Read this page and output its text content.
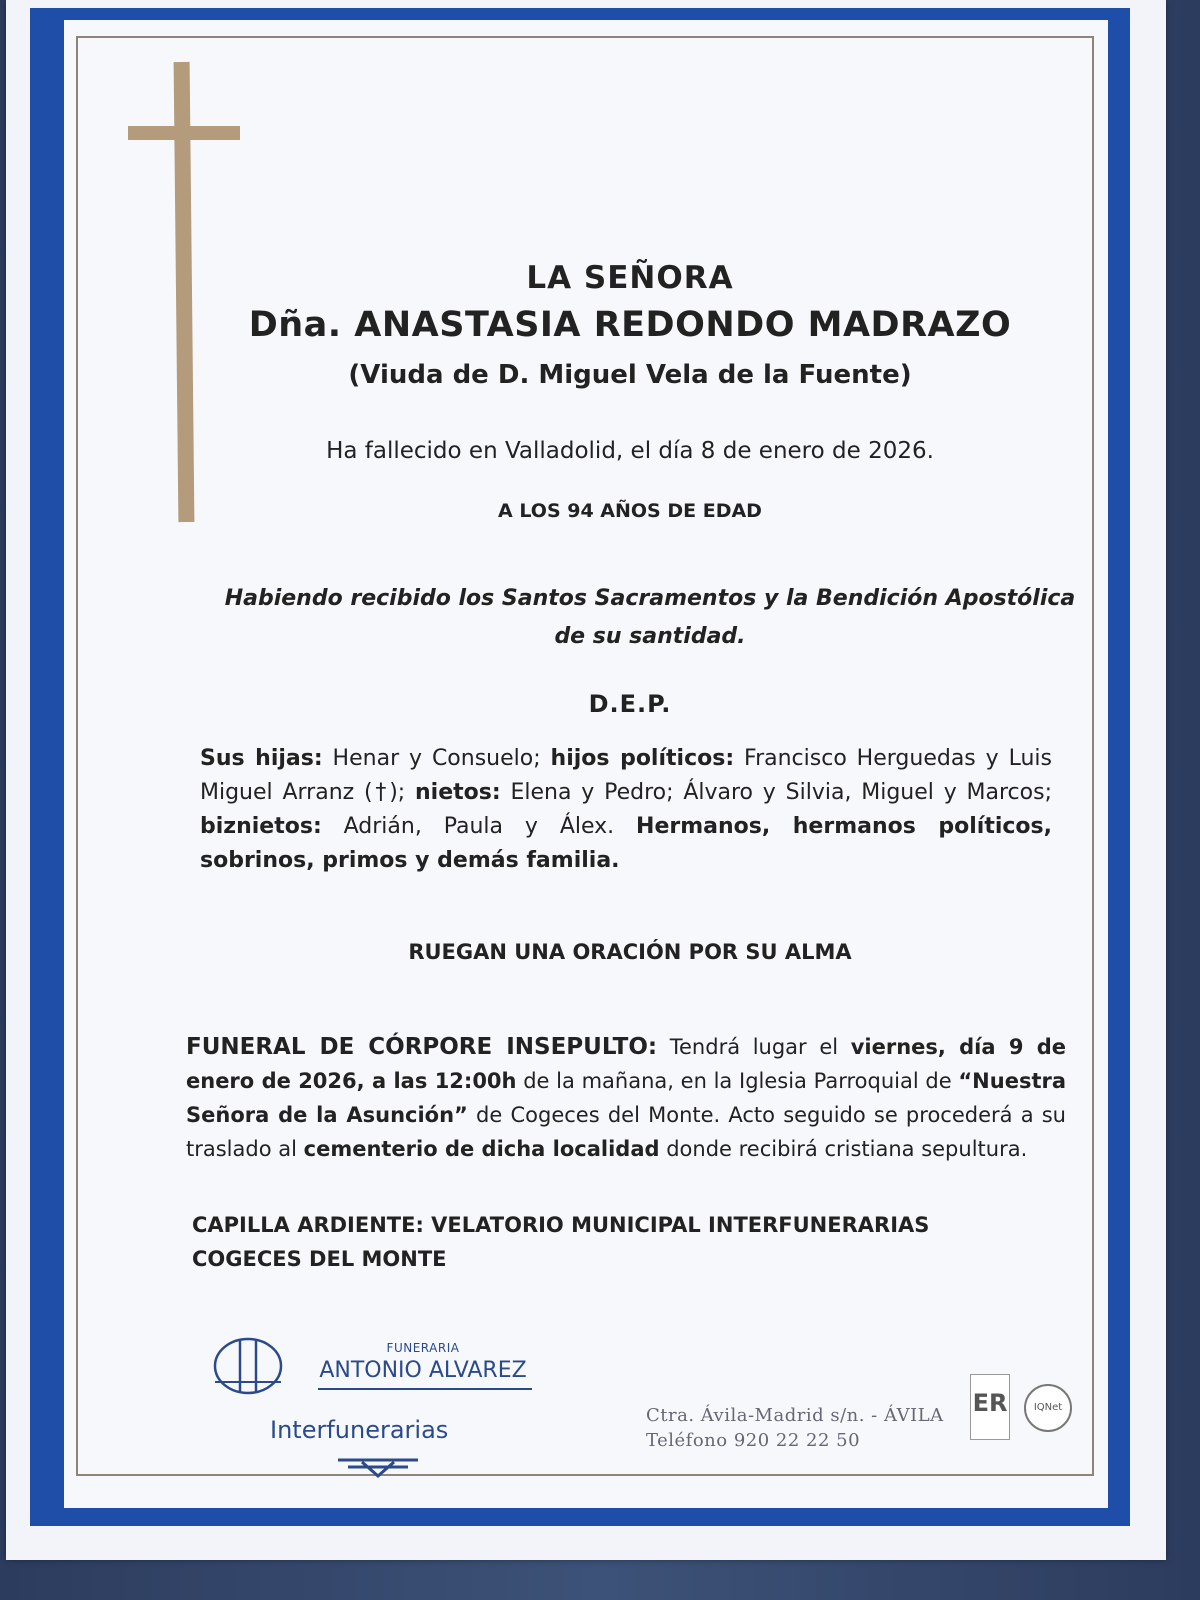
LA SEÑORA

Dña. ANASTASIA REDONDO MADRAZO

(Viuda de D. Miguel Vela de la Fuente)

Ha fallecido en Valladolid, el día 8 de enero de 2026.

A LOS 94 AÑOS DE EDAD

Habiendo recibido los Santos Sacramentos y la Bendición Apostólica
de su santidad.

D.E.P.

Sus hijas: Henar y Consuelo; hijos políticos: Francisco Herguedas y Luis Miguel Arranz (†); nietos: Elena y Pedro; Álvaro y Silvia, Miguel y Marcos; biznietos: Adrián, Paula y Álex. Hermanos, hermanos políticos, sobrinos, primos y demás familia.

RUEGAN UNA ORACIÓN POR SU ALMA

FUNERAL DE CÓRPORE INSEPULTO: Tendrá lugar el viernes, día 9 de enero de 2026, a las 12:00h de la mañana, en la Iglesia Parroquial de “Nuestra Señora de la Asunción” de Cogeces del Monte. Acto seguido se procederá a su traslado al cementerio de dicha localidad donde recibirá cristiana sepultura.

CAPILLA ARDIENTE: VELATORIO MUNICIPAL INTERFUNERARIAS
COGECES DEL MONTE

FUNERARIA
ANTONIO ALVAREZ
Interfunerarias
Ctra. Ávila-Madrid s/n. - ÁVILA
Teléfono 920 22 22 50
ER	IQNet
